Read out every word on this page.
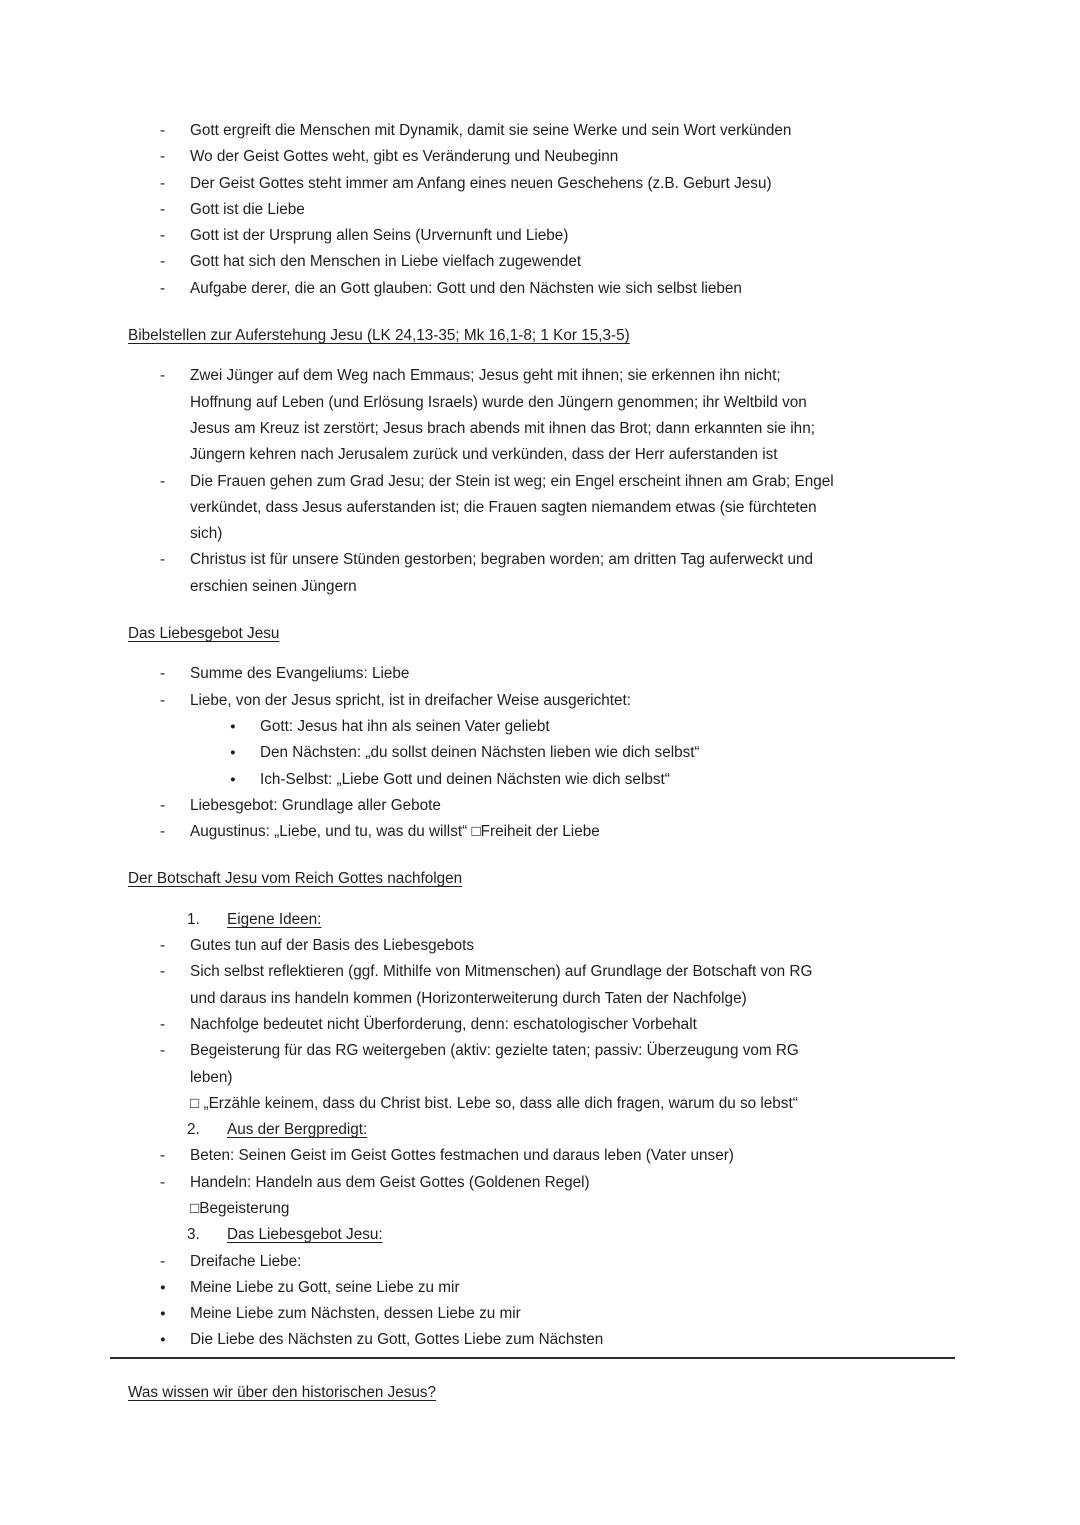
-	Gott ergreift die Menschen mit Dynamik, damit sie seine Werke und sein Wort verkünden
-	Wo der Geist Gottes weht, gibt es Veränderung und Neubeginn
-	Der Geist Gottes steht immer am Anfang eines neuen Geschehens (z.B. Geburt Jesu)
-	Gott ist die Liebe
-	Gott ist der Ursprung allen Seins (Urvernunft und Liebe)
-	Gott hat sich den Menschen in Liebe vielfach zugewendet
-	Aufgabe derer, die an Gott glauben: Gott und den Nächsten wie sich selbst lieben
Bibelstellen zur Auferstehung Jesu (LK 24,13-35; Mk 16,1-8; 1 Kor 15,3-5)
-	Zwei Jünger auf dem Weg nach Emmaus; Jesus geht mit ihnen; sie erkennen ihn nicht;
Hoffnung auf Leben (und Erlösung Israels) wurde den Jüngern genommen; ihr Weltbild von
Jesus am Kreuz ist zerstört; Jesus brach abends mit ihnen das Brot; dann erkannten sie ihn;
Jüngern kehren nach Jerusalem zurück und verkünden, dass der Herr auferstanden ist
-	Die Frauen gehen zum Grad Jesu; der Stein ist weg; ein Engel erscheint ihnen am Grab; Engel
verkündet, dass Jesus auferstanden ist; die Frauen sagten niemandem etwas (sie fürchteten
sich)
-	Christus ist für unsere Stünden gestorben; begraben worden; am dritten Tag auferweckt und
erschien seinen Jüngern
Das Liebesgebot Jesu
-	Summe des Evangeliums: Liebe
-	Liebe, von der Jesus spricht, ist in dreifacher Weise ausgerichtet:
●	Gott: Jesus hat ihn als seinen Vater geliebt
●	Den Nächsten: „du sollst deinen Nächsten lieben wie dich selbst“
●	Ich-Selbst: „Liebe Gott und deinen Nächsten wie dich selbst“
-	Liebesgebot: Grundlage aller Gebote
-	Augustinus: „Liebe, und tu, was du willst“ □Freiheit der Liebe
Der Botschaft Jesu vom Reich Gottes nachfolgen
1.	Eigene Ideen:
-	Gutes tun auf der Basis des Liebesgebots
-	Sich selbst reflektieren (ggf. Mithilfe von Mitmenschen) auf Grundlage der Botschaft von RG
und daraus ins handeln kommen (Horizonterweiterung durch Taten der Nachfolge)
-	Nachfolge bedeutet nicht Überforderung, denn: eschatologischer Vorbehalt
-	Begeisterung für das RG weitergeben (aktiv: gezielte taten; passiv: Überzeugung vom RG
leben)
□ „Erzähle keinem, dass du Christ bist. Lebe so, dass alle dich fragen, warum du so lebst“
2.	Aus der Bergpredigt:
-	Beten: Seinen Geist im Geist Gottes festmachen und daraus leben (Vater unser)
-	Handeln: Handeln aus dem Geist Gottes (Goldenen Regel)
□Begeisterung
3.	Das Liebesgebot Jesu:
-	Dreifache Liebe:
●	Meine Liebe zu Gott, seine Liebe zu mir
●	Meine Liebe zum Nächsten, dessen Liebe zu mir
●	Die Liebe des Nächsten zu Gott, Gottes Liebe zum Nächsten
Was wissen wir über den historischen Jesus?
